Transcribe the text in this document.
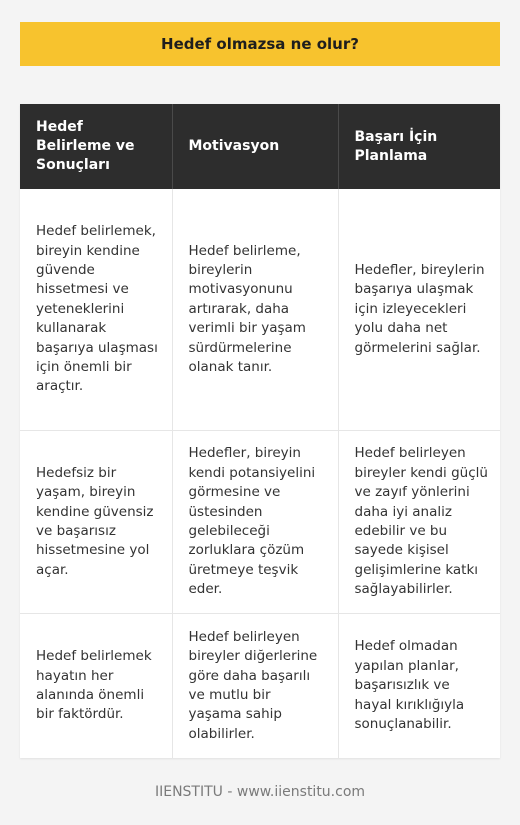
Hedef olmazsa ne olur?
Hedef Belirleme ve Sonuçları	Motivasyon	Başarı İçin Planlama
Hedef belirlemek, bireyin kendine güvende hissetmesi ve yeteneklerini kullanarak başarıya ulaşması için önemli bir araçtır.	Hedef belirleme, bireylerin motivasyonunu artırarak, daha verimli bir yaşam sürdürmelerine olanak tanır.	Hedefler, bireylerin başarıya ulaşmak için izleyecekleri yolu daha net görmelerini sağlar.
Hedefsiz bir yaşam, bireyin kendine güvensiz ve başarısız hissetmesine yol açar.	Hedefler, bireyin kendi potansiyelini görmesine ve üstesinden gelebileceği zorluklara çözüm üretmeye teşvik eder.	Hedef belirleyen bireyler kendi güçlü ve zayıf yönlerini daha iyi analiz edebilir ve bu sayede kişisel gelişimlerine katkı sağlayabilirler.
Hedef belirlemek hayatın her alanında önemli bir faktördür.	Hedef belirleyen bireyler diğerlerine göre daha başarılı ve mutlu bir yaşama sahip olabilirler.	Hedef olmadan yapılan planlar, başarısızlık ve hayal kırıklığıyla sonuçlanabilir.
IIENSTITU - www.iienstitu.com
